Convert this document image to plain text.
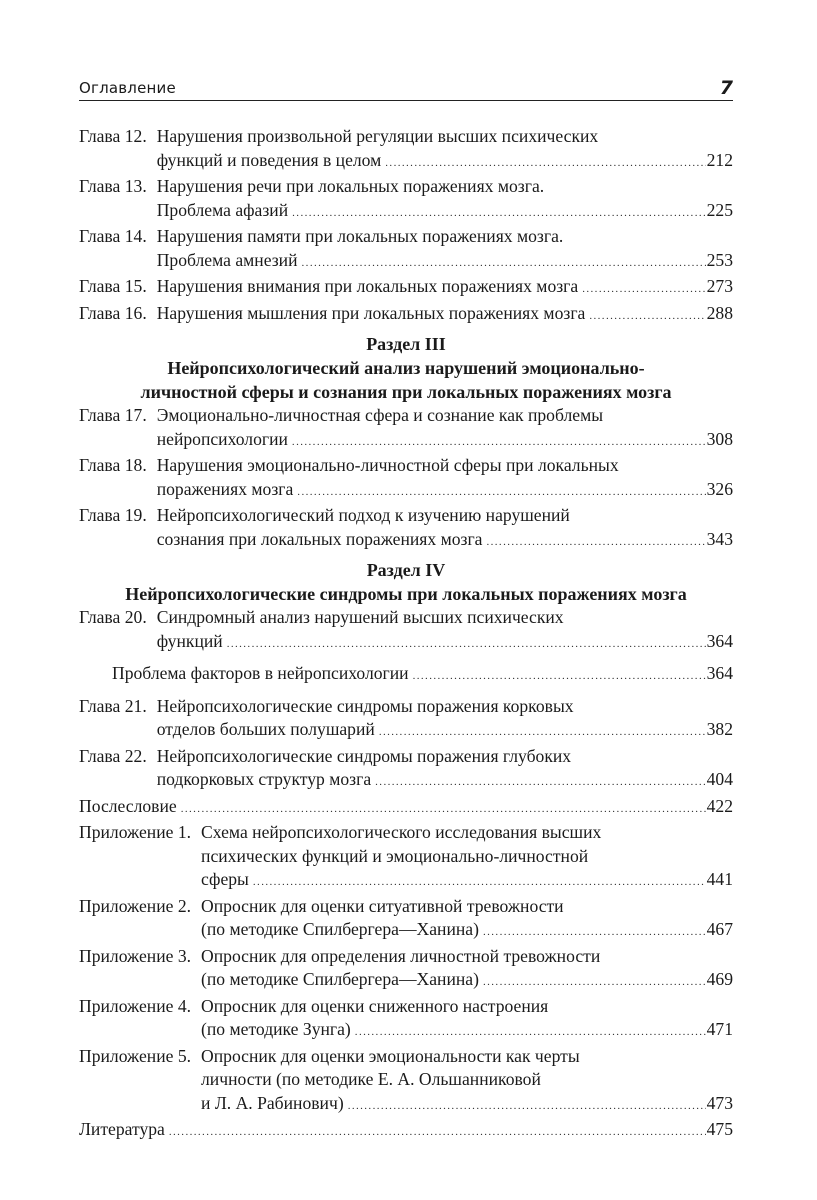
Оглавление	7
Глава 12. Нарушения произвольной регуляции высших психических
функций и поведения в целом .....	212
Глава 13. Нарушения речи при локальных поражениях мозга.
Проблема афазий .....	225
Глава 14. Нарушения памяти при локальных поражениях мозга.
Проблема амнезий .....	253
Глава 15. Нарушения внимания при локальных поражениях мозга .....	273
Глава 16. Нарушения мышления при локальных поражениях мозга .....	288
Раздел III
Нейропсихологический анализ нарушений эмоционально-
личностной сферы и сознания при локальных поражениях мозга
Глава 17. Эмоционально-личностная сфера и сознание как проблемы
нейропсихологии .....	308
Глава 18. Нарушения эмоционально-личностной сферы при локальных
поражениях мозга .....	326
Глава 19. Нейропсихологический подход к изучению нарушений
сознания при локальных поражениях мозга .....	343
Раздел IV
Нейропсихологические синдромы при локальных поражениях мозга
Глава 20. Синдромный анализ нарушений высших психических
функций .....	364
Проблема факторов в нейропсихологии .....	364
Глава 21. Нейропсихологические синдромы поражения корковых
отделов больших полушарий .....	382
Глава 22. Нейропсихологические синдромы поражения глубоких
подкорковых структур мозга .....	404
Послесловие .....	422
Приложение 1. Схема нейропсихологического исследования высших
психических функций и эмоционально-личностной
сферы .....	441
Приложение 2. Опросник для оценки ситуативной тревожности
(по методике Спилбергера—Ханина) .....	467
Приложение 3. Опросник для определения личностной тревожности
(по методике Спилбергера—Ханина) .....	469
Приложение 4. Опросник для оценки сниженного настроения
(по методике Зунга) .....	471
Приложение 5. Опросник для оценки эмоциональности как черты
личности (по методике Е. А. Ольшанниковой
и Л. А. Рабинович) .....	473
Литература .....	475
